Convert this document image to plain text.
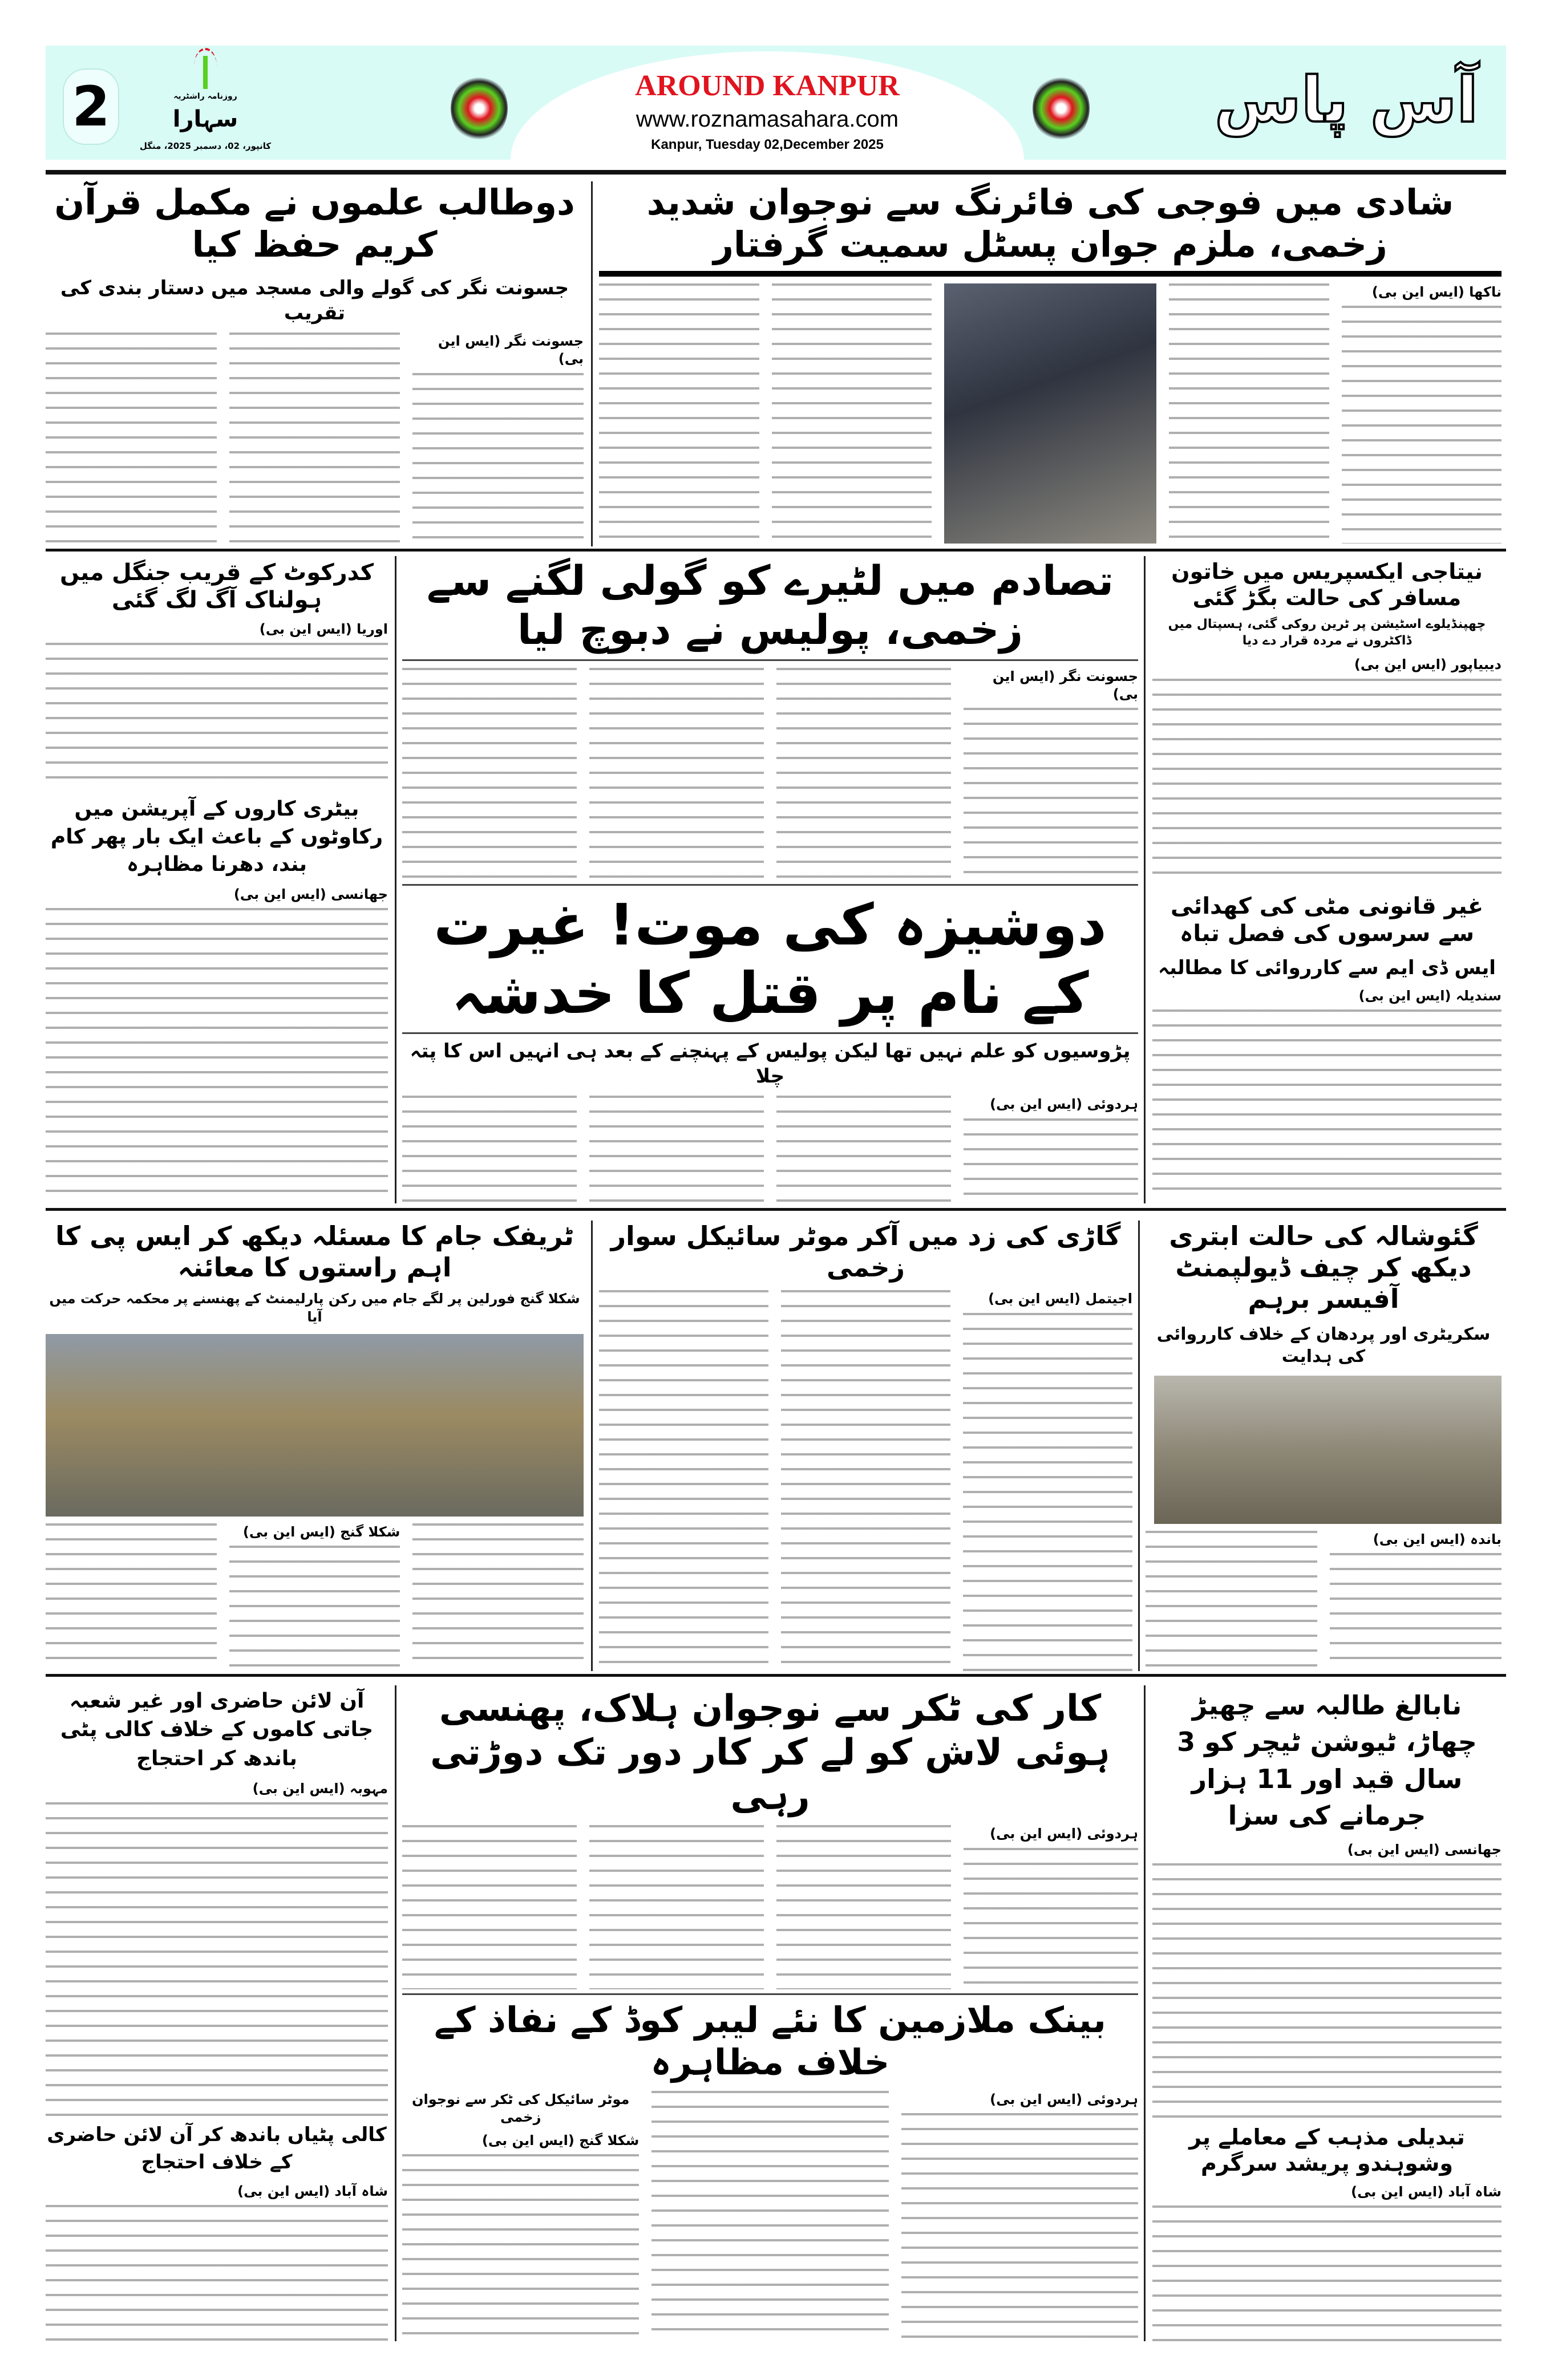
2	روزنامہ راشٹریہ
سہارا
کانپور، 02، دسمبر 2025، منگل
AROUND KANPUR
www.roznamasahara.com
Kanpur, Tuesday 02,December 2025
آس پاس
شادی میں فوجی کی فائرنگ سے نوجوان شدید زخمی، ملزم جوان پسٹل سمیت گرفتار
ناکھا (ایس این بی)
دوطالب علموں نے مکمل قرآن کریم حفظ کیا
جسونت نگر کی گولے والی مسجد میں دستار بندی کی تقریب
جسونت نگر (ایس این بی)
نیتاجی ایکسپریس میں خاتون مسافر کی حالت بگڑ گئی
چھپنڈیلوے اسٹیشن پر ٹرین روکی گئی، ہسپتال میں ڈاکٹروں نے مردہ قرار دے دیا
دیبیاپور (ایس این بی)
غیر قانونی مٹی کی کھدائی سے سرسوں کی فصل تباہ
ایس ڈی ایم سے کارروائی کا مطالبہ
سندیلہ (ایس این بی)
تصادم میں لٹیرے کو گولی لگنے سے زخمی، پولیس نے دبوچ لیا
جسونت نگر (ایس این بی)
دوشیزہ کی موت! غیرت کے نام پر قتل کا خدشہ
پڑوسیوں کو علم نہیں تھا لیکن پولیس کے پہنچنے کے بعد ہی انہیں اس کا پتہ چلا
ہردوئی (ایس این بی)
کدرکوٹ کے قریب جنگل میں ہولناک آگ لگ گئی
اوریا (ایس این بی)
بیٹری کاروں کے آپریشن میں رکاوٹوں کے باعث ایک بار پھر کام بند، دھرنا مظاہرہ
جھانسی (ایس این بی)
گئوشالہ کی حالت ابتری دیکھ کر چیف ڈیولپمنٹ آفیسر برہم
سکریٹری اور پردھان کے خلاف کارروائی کی ہدایت
باندہ (ایس این بی)
گاڑی کی زد میں آکر موٹر سائیکل سوار زخمی
اجیتمل (ایس این بی)
ٹریفک جام کا مسئلہ دیکھ کر ایس پی کا اہم راستوں کا معائنہ
شکلا گنج فورلین پر لگے جام میں رکن پارلیمنٹ کے پھنسنے پر محکمہ حرکت میں آیا
شکلا گنج (ایس این بی)
نابالغ طالبہ سے چھیڑ چھاڑ، ٹیوشن ٹیچر کو 3 سال قید اور 11 ہزار جرمانے کی سزا
جھانسی (ایس این بی)
تبدیلی مذہب کے معاملے پر وشوہندو پریشد سرگرم
شاہ آباد (ایس این بی)
کار کی ٹکر سے نوجوان ہلاک، پھنسی ہوئی لاش کو لے کر کار دور تک دوڑتی رہی
ہردوئی (ایس این بی)
بینک ملازمین کا نئے لیبر کوڈ کے نفاذ کے خلاف مظاہرہ
ہردوئی (ایس این بی)
موٹر سائیکل کی ٹکر سے نوجوان زخمی
شکلا گنج (ایس این بی)
آن لائن حاضری اور غیر شعبہ جاتی کاموں کے خلاف کالی پٹی باندھ کر احتجاج
مہوبہ (ایس این بی)
کالی پٹیاں باندھ کر آن لائن حاضری کے خلاف احتجاج
شاہ آباد (ایس این بی)
